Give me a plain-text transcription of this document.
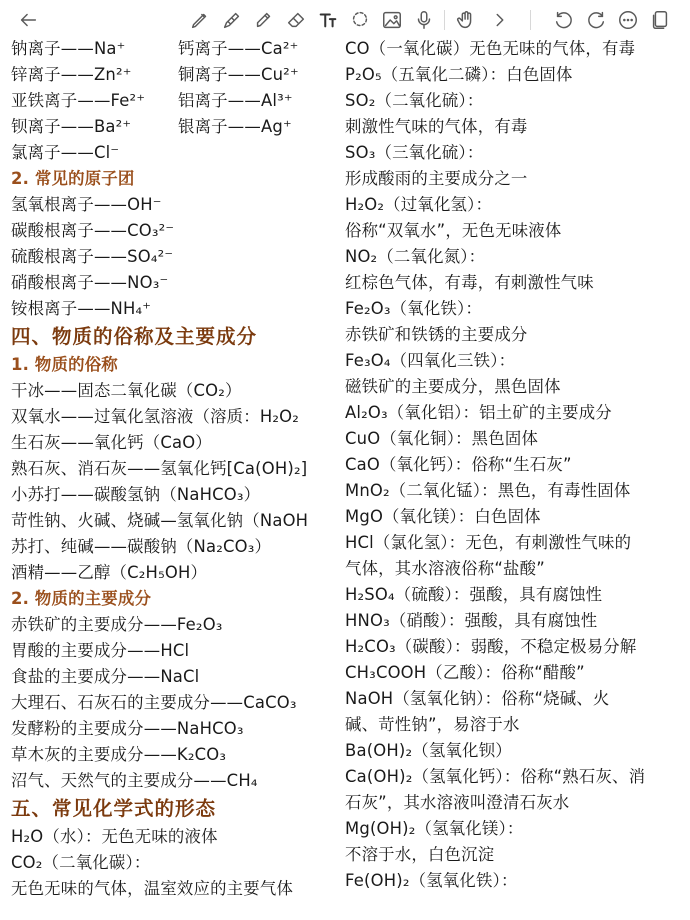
钠离子——Na⁺	钙离子——Ca²⁺
锌离子——Zn²⁺	铜离子——Cu²⁺
亚铁离子——Fe²⁺	铝离子——Al³⁺
钡离子——Ba²⁺	银离子——Ag⁺
氯离子——Cl⁻
2. 常见的原子团
氢氧根离子——OH⁻
碳酸根离子——CO₃²⁻
硫酸根离子——SO₄²⁻
硝酸根离子——NO₃⁻
铵根离子——NH₄⁺
四、物质的俗称及主要成分
1. 物质的俗称
干冰——固态二氧化碳（CO₂）
双氧水——过氧化氢溶液（溶质：H₂O₂
生石灰——氧化钙（CaO）
熟石灰、消石灰——氢氧化钙[Ca(OH)₂]
小苏打——碳酸氢钠（NaHCO₃）
苛性钠、火碱、烧碱—氢氧化钠（NaOH
苏打、纯碱——碳酸钠（Na₂CO₃）
酒精——乙醇（C₂H₅OH）
2. 物质的主要成分
赤铁矿的主要成分——Fe₂O₃
胃酸的主要成分——HCl
食盐的主要成分——NaCl
大理石、石灰石的主要成分——CaCO₃
发酵粉的主要成分——NaHCO₃
草木灰的主要成分——K₂CO₃
沼气、天然气的主要成分——CH₄
五、常见化学式的形态
H₂O（水）：无色无味的液体
CO₂（二氧化碳）：
无色无味的气体，温室效应的主要气体
CO（一氧化碳）无色无味的气体，有毒
P₂O₅（五氧化二磷）：白色固体
SO₂（二氧化硫）：
刺激性气味的气体，有毒
SO₃（三氧化硫）：
形成酸雨的主要成分之一
H₂O₂（过氧化氢）：
俗称“双氧水”，无色无味液体
NO₂（二氧化氮）：
红棕色气体，有毒，有刺激性气味
Fe₂O₃（氧化铁）：
赤铁矿和铁锈的主要成分
Fe₃O₄（四氧化三铁）：
磁铁矿的主要成分，黑色固体
Al₂O₃（氧化铝）：铝土矿的主要成分
CuO（氧化铜）：黑色固体
CaO（氧化钙）：俗称“生石灰”
MnO₂（二氧化锰）：黑色，有毒性固体
MgO（氧化镁）：白色固体
HCl（氯化氢）：无色，有刺激性气味的
气体，其水溶液俗称“盐酸”
H₂SO₄（硫酸）：强酸，具有腐蚀性
HNO₃（硝酸）：强酸，具有腐蚀性
H₂CO₃（碳酸）：弱酸，不稳定极易分解
CH₃COOH（乙酸）：俗称“醋酸”
NaOH（氢氧化钠）：俗称“烧碱、火
碱、苛性钠”，易溶于水
Ba(OH)₂（氢氧化钡）
Ca(OH)₂（氢氧化钙）：俗称“熟石灰、消
石灰”，其水溶液叫澄清石灰水
Mg(OH)₂（氢氧化镁）：
不溶于水，白色沉淀
Fe(OH)₂（氢氧化铁）：
